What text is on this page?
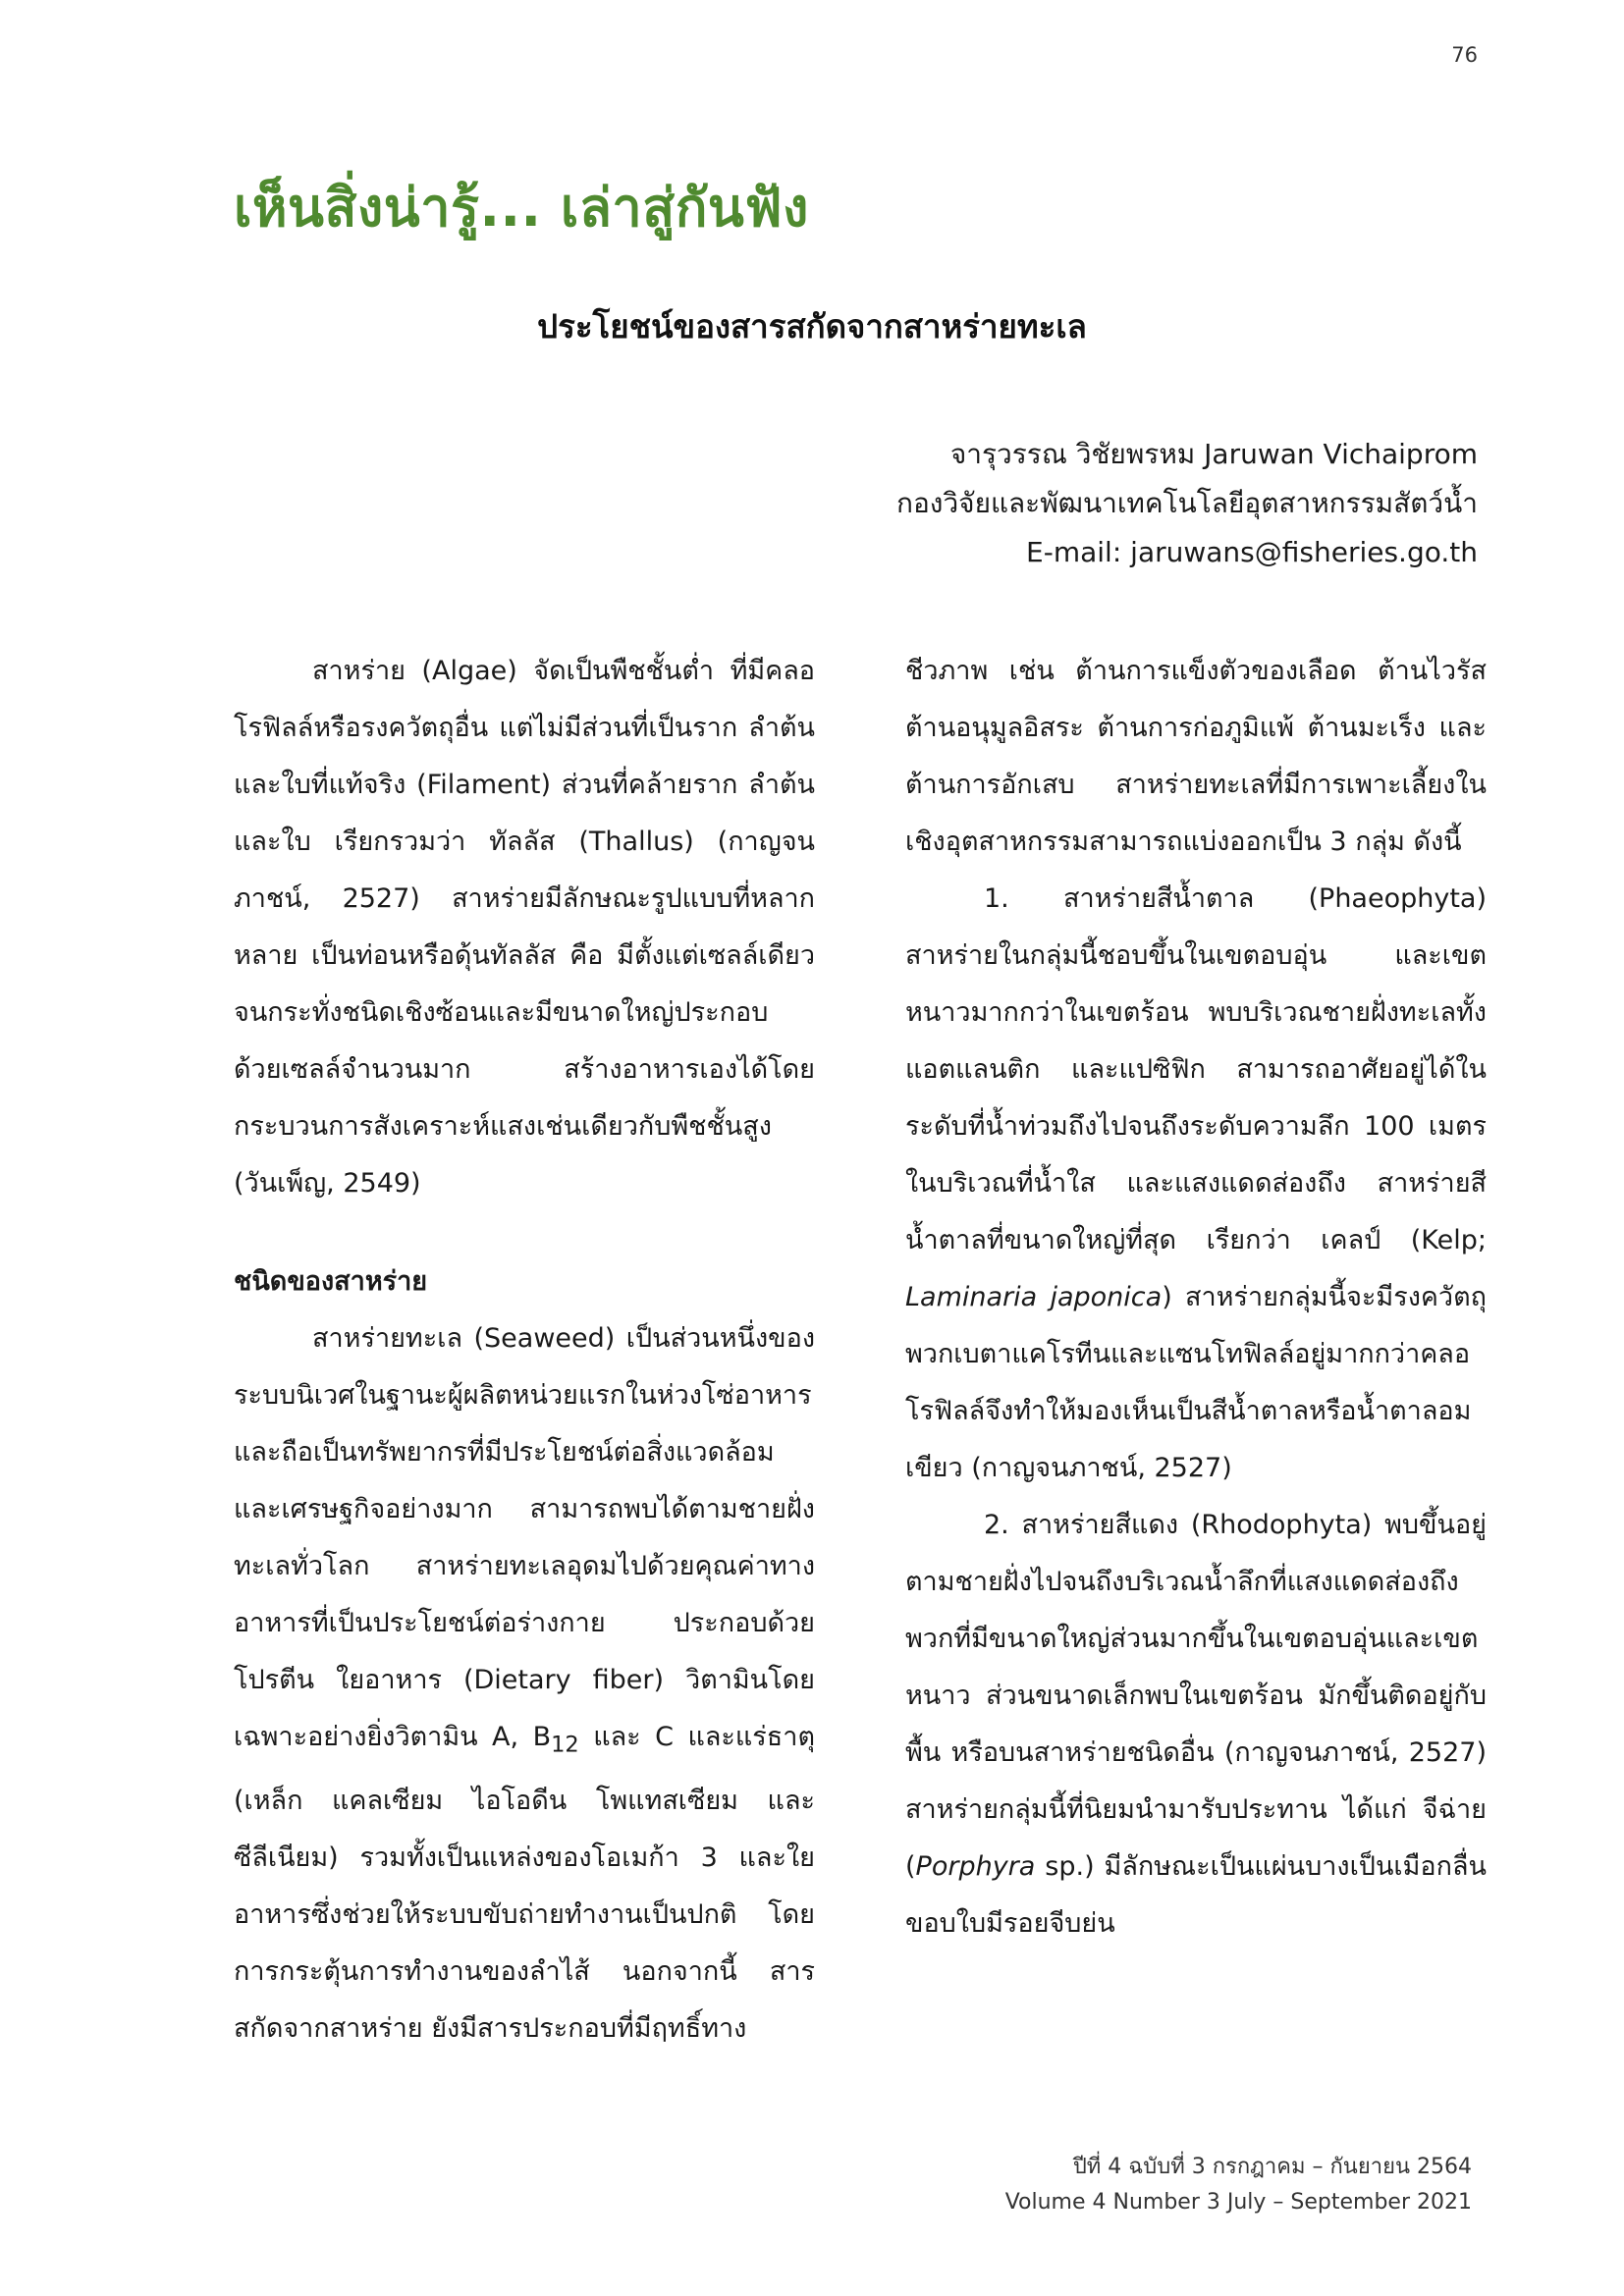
76
เห็นสิ่งน่ารู้... เล่าสู่กันฟัง
ประโยชน์ของสารสกัดจากสาหร่ายทะเล
จารุวรรณ วิชัยพรหม Jaruwan Vichaiprom
กองวิจัยและพัฒนาเทคโนโลยีอุตสาหกรรมสัตว์น้ำ
E-mail: jaruwans@fisheries.go.th

สาหร่าย (Algae) จัดเป็นพืชชั้นต่ำ ที่มีคลอโรฟิลล์หรือรงควัตถุอื่น แต่ไม่มีส่วนที่เป็นราก ลำต้น และใบที่แท้จริง (Filament) ส่วนที่คล้ายราก ลำต้นและใบ เรียกรวมว่า ทัลลัส (Thallus) (กาญจนภาชน์, 2527) สาหร่ายมีลักษณะรูปแบบที่หลากหลาย เป็นท่อนหรือดุ้นทัลลัส คือ มีตั้งแต่เซลล์เดียว จนกระทั่งชนิดเชิงซ้อนและมีขนาดใหญ่ประกอบด้วยเซลล์จำนวนมาก สร้างอาหารเองได้โดยกระบวนการสังเคราะห์แสงเช่นเดียวกับพืชชั้นสูง (วันเพ็ญ, 2549)

ชนิดของสาหร่าย

สาหร่ายทะเล (Seaweed) เป็นส่วนหนึ่งของระบบนิเวศในฐานะผู้ผลิตหน่วยแรกในห่วงโซ่อาหาร และถือเป็นทรัพยากรที่มีประโยชน์ต่อสิ่งแวดล้อมและเศรษฐกิจอย่างมาก สามารถพบได้ตามชายฝั่งทะเลทั่วโลก สาหร่ายทะเลอุดมไปด้วยคุณค่าทางอาหารที่เป็นประโยชน์ต่อร่างกาย ประกอบด้วยโปรตีน ใยอาหาร (Dietary fiber) วิตามินโดยเฉพาะอย่างยิ่งวิตามิน A, $B_{12}$ และ C และแร่ธาตุ (เหล็ก แคลเซียม ไอโอดีน โพแทสเซียม และซีลีเนียม) รวมทั้งเป็นแหล่งของโอเมก้า 3 และใยอาหารซึ่งช่วยให้ระบบขับถ่ายทำงานเป็นปกติ โดยการกระตุ้นการทำงานของลำไส้ นอกจากนี้ สารสกัดจากสาหร่าย ยังมีสารประกอบที่มีฤทธิ์ทาง

ชีวภาพ เช่น ต้านการแข็งตัวของเลือด ต้านไวรัส ต้านอนุมูลอิสระ ต้านการก่อภูมิแพ้ ต้านมะเร็ง และต้านการอักเสบ สาหร่ายทะเลที่มีการเพาะเลี้ยงในเชิงอุตสาหกรรมสามารถแบ่งออกเป็น 3 กลุ่ม ดังนี้

1. สาหร่ายสีน้ำตาล (Phaeophyta) สาหร่ายในกลุ่มนี้ชอบขึ้นในเขตอบอุ่น และเขตหนาวมากกว่าในเขตร้อน พบบริเวณชายฝั่งทะเลทั้งแอตแลนติก และแปซิฟิก สามารถอาศัยอยู่ได้ในระดับที่น้ำท่วมถึงไปจนถึงระดับความลึก 100 เมตร ในบริเวณที่น้ำใส และแสงแดดส่องถึง สาหร่ายสีน้ำตาลที่ขนาดใหญ่ที่สุด เรียกว่า เคลป์ (Kelp; Laminaria japonica) สาหร่ายกลุ่มนี้จะมีรงควัตถุพวกเบตาแคโรทีนและแซนโทฟิลล์อยู่มากกว่าคลอโรฟิลล์จึงทำให้มองเห็นเป็นสีน้ำตาลหรือน้ำตาลอมเขียว (กาญจนภาชน์, 2527)

2. สาหร่ายสีแดง (Rhodophyta) พบขึ้นอยู่ตามชายฝั่งไปจนถึงบริเวณน้ำลึกที่แสงแดดส่องถึง พวกที่มีขนาดใหญ่ส่วนมากขึ้นในเขตอบอุ่นและเขตหนาว ส่วนขนาดเล็กพบในเขตร้อน มักขึ้นติดอยู่กับพื้น หรือบนสาหร่ายชนิดอื่น (กาญจนภาชน์, 2527) สาหร่ายกลุ่มนี้ที่นิยมนำมารับประทาน ได้แก่ จีฉ่าย (Porphyra sp.) มีลักษณะเป็นแผ่นบางเป็นเมือกลื่น ขอบใบมีรอยจีบย่น

ปีที่ 4 ฉบับที่ 3 กรกฎาคม – กันยายน 2564
Volume 4 Number 3 July – September 2021
